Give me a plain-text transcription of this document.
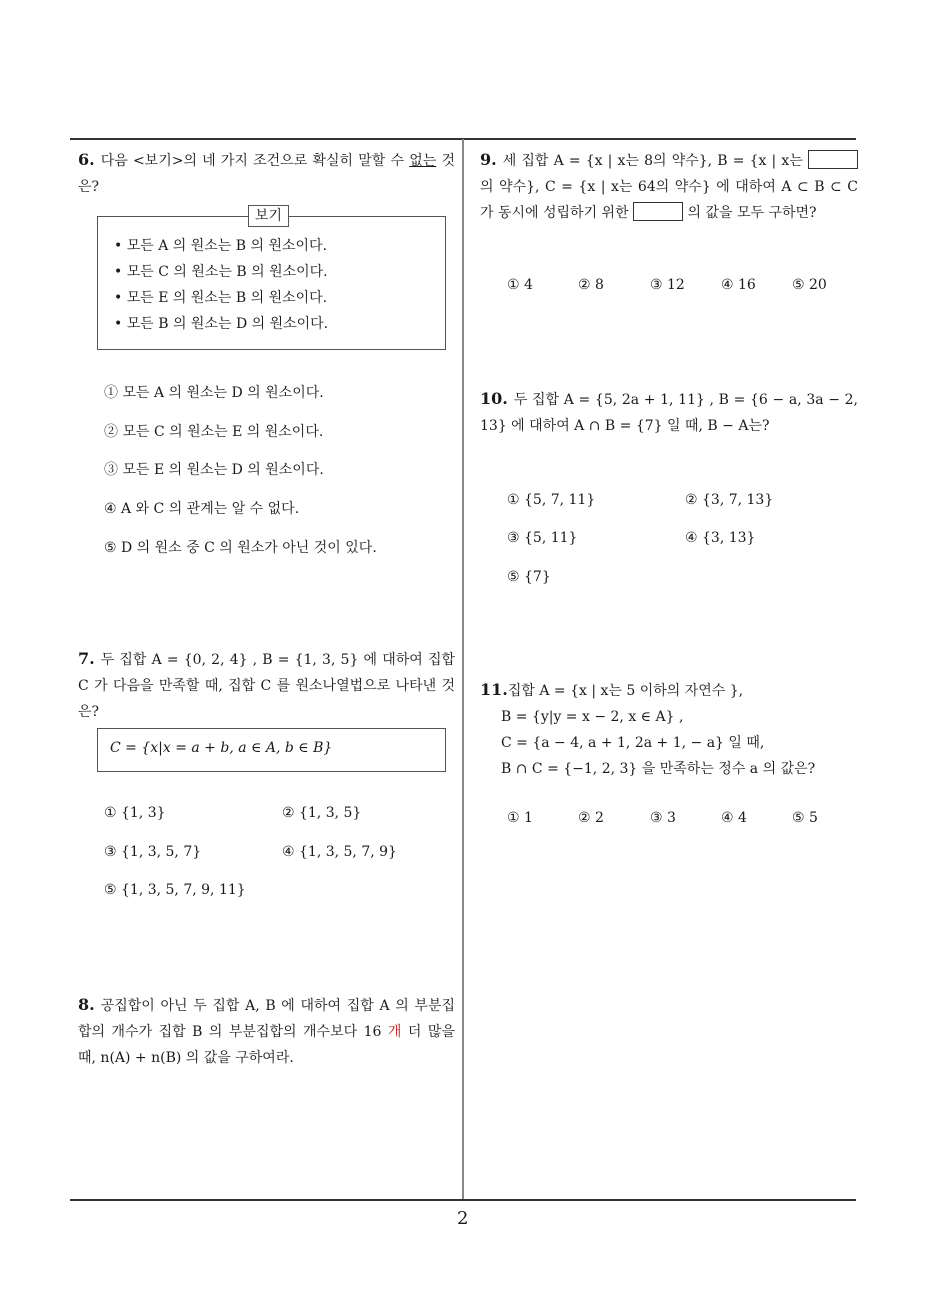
6. 다음 <보기>의 네 가지 조건으로 확실히 말할 수 없는 것은?
보기
• 모든 A 의 원소는 B 의 원소이다.
• 모든 C 의 원소는 B 의 원소이다.
• 모든 E 의 원소는 B 의 원소이다.
• 모든 B 의 원소는 D 의 원소이다.
① 모든 A 의 원소는 D 의 원소이다.
② 모든 C 의 원소는 E 의 원소이다.
③ 모든 E 의 원소는 D 의 원소이다.
④ A 와 C 의 관계는 알 수 없다.
⑤ D 의 원소 중 C 의 원소가 아닌 것이 있다.
7. 두 집합 A = {0, 2, 4} , B = {1, 3, 5} 에 대하여 집합 C 가 다음을 만족할 때, 집합 C 를 원소나열법으로 나타낸 것은?
C = {x|x = a + b, a ∈ A, b ∈ B}
① {1, 3}	② {1, 3, 5}
③ {1, 3, 5, 7}	④ {1, 3, 5, 7, 9}
⑤ {1, 3, 5, 7, 9, 11}
8. 공집합이 아닌 두 집합 A, B 에 대하여 집합 A 의 부분집합의 개수가 집합 B 의 부분집합의 개수보다 16 개 더 많을 때, n(A) + n(B) 의 값을 구하여라.
9. 세 집합 A = {x | x는 8의 약수}, B = {x | x는 의 약수}, C = {x | x는 64의 약수} 에 대하여 A ⊂ B ⊂ C 가 동시에 성립하기 위한	의 값을 모두 구하면?
① 4	② 8	③ 12	④ 16	⑤ 20
10. 두 집합 A = {5, 2a + 1, 11} , B = {6 − a, 3a − 2, 13} 에 대하여 A ∩ B = {7} 일 때, B − A는?
① {5, 7, 11}	② {3, 7, 13}
③ {5, 11}	④ {3, 13}
⑤ {7}
11.집합 A = {x | x는 5 이하의 자연수 },
B = {y|y = x − 2, x ∈ A} ,
C = {a − 4, a + 1, 2a + 1, − a} 일 때,
B ∩ C = {−1, 2, 3} 을 만족하는 정수 a 의 값은?
① 1	② 2	③ 3	④ 4	⑤ 5
2
